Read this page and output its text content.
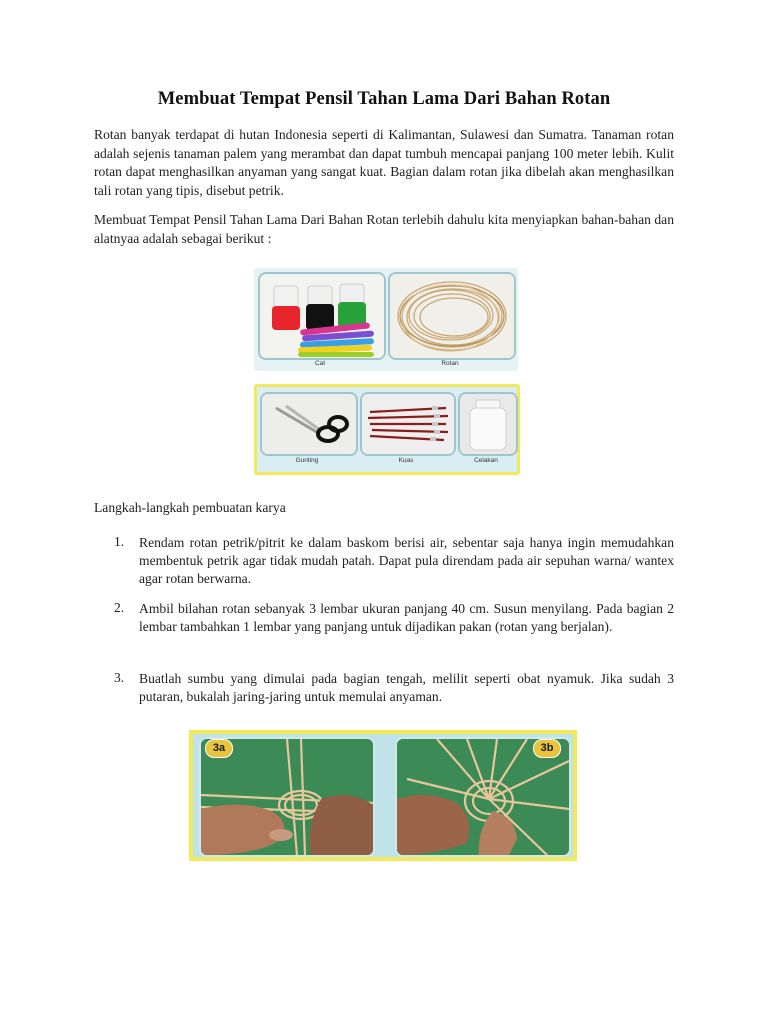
Membuat Tempat Pensil Tahan Lama Dari Bahan Rotan

Rotan banyak terdapat di hutan Indonesia seperti di Kalimantan, Sulawesi dan Sumatra. Tanaman rotan adalah sejenis tanaman palem yang merambat dan dapat tumbuh mencapai panjang 100 meter lebih. Kulit rotan dapat menghasilkan anyaman yang sangat kuat. Bagian dalam rotan jika dibelah akan menghasilkan tali rotan yang tipis, disebut petrik.

Membuat Tempat Pensil Tahan Lama Dari Bahan Rotan terlebih dahulu kita menyiapkan bahan-bahan dan alatnyaa adalah sebagai berikut :

Cat	Rotan
Gunting	Kuas	Celakan
Langkah-langkah pembuatan karya
1. Rendam rotan petrik/pitrit ke dalam baskom berisi air, sebentar saja hanya ingin memudahkan membentuk petrik agar tidak mudah patah. Dapat pula direndam pada air sepuhan warna/ wantex agar rotan berwarna.

2. Ambil bilahan rotan sebanyak 3 lembar ukuran panjang 40 cm. Susun menyilang. Pada bagian 2 lembar tambahkan 1 lembar yang panjang untuk dijadikan pakan (rotan yang berjalan).

3. Buatlah sumbu yang dimulai pada bagian tengah, melilit seperti obat nyamuk. Jika sudah 3 putaran, bukalah jaring-jaring untuk memulai anyaman.

3a	3b
